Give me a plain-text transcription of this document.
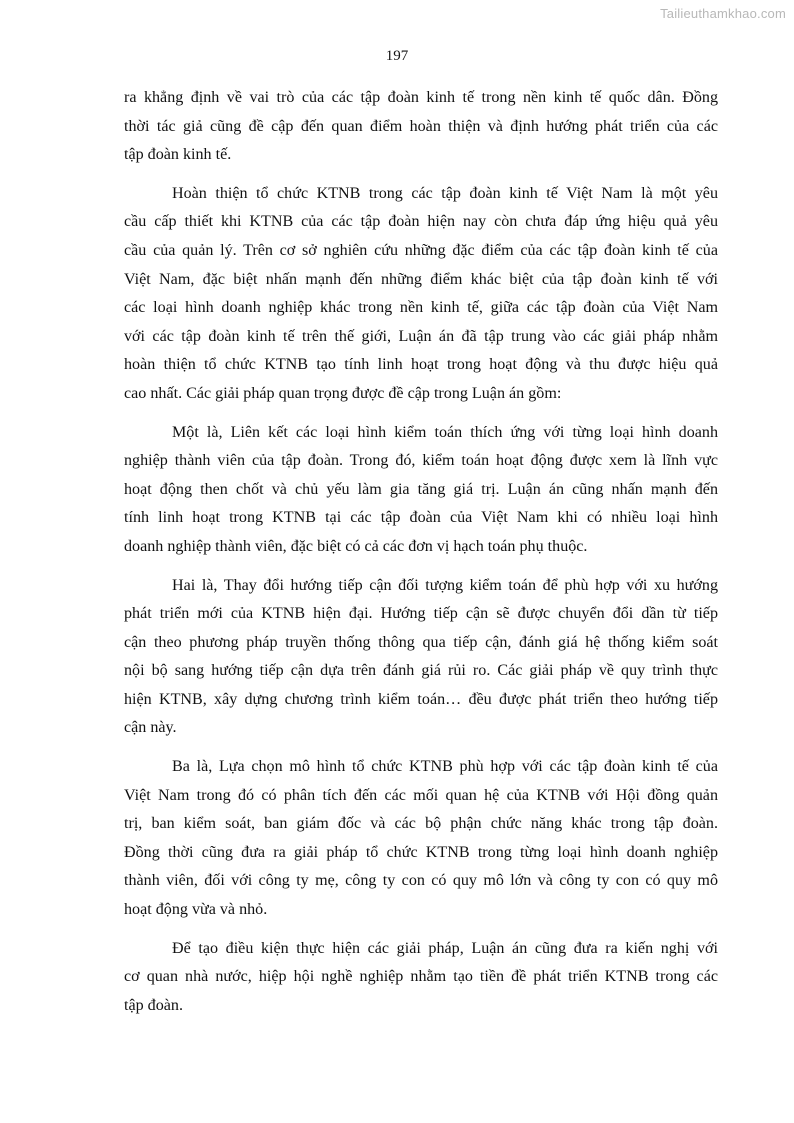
Tailieuthamkhao.com
197
ra khẳng định về vai trò của các tập đoàn kinh tế trong nền kinh tế quốc dân. Đồng
thời tác giả cũng đề cập đến quan điểm hoàn thiện và định hướng phát triển của các
tập đoàn kinh tế.
Hoàn thiện tổ chức KTNB trong các tập đoàn kinh tế Việt Nam là một yêu
cầu cấp thiết khi KTNB của các tập đoàn hiện nay còn chưa đáp ứng hiệu quả yêu
cầu của quản lý. Trên cơ sở nghiên cứu những đặc điểm của các tập đoàn kinh tế của
Việt Nam, đặc biệt nhấn mạnh đến những điểm khác biệt của tập đoàn kinh tế với
các loại hình doanh nghiệp khác trong nền kinh tế, giữa các tập đoàn của Việt Nam
với các tập đoàn kinh tế trên thế giới, Luận án đã tập trung vào các giải pháp nhằm
hoàn thiện tổ chức KTNB tạo tính linh hoạt trong hoạt động và thu được hiệu quả
cao nhất. Các giải pháp quan trọng được đề cập trong Luận án gồm:
Một là, Liên kết các loại hình kiểm toán thích ứng với từng loại hình doanh
nghiệp thành viên của tập đoàn. Trong đó, kiểm toán hoạt động được xem là lĩnh vực
hoạt động then chốt và chủ yếu làm gia tăng giá trị. Luận án cũng nhấn mạnh đến
tính linh hoạt trong KTNB tại các tập đoàn của Việt Nam khi có nhiều loại hình
doanh nghiệp thành viên, đặc biệt có cả các đơn vị hạch toán phụ thuộc.
Hai là, Thay đổi hướng tiếp cận đối tượng kiểm toán để phù hợp với xu hướng
phát triển mới của KTNB hiện đại. Hướng tiếp cận sẽ được chuyển đổi dần từ tiếp
cận theo phương pháp truyền thống thông qua tiếp cận, đánh giá hệ thống kiểm soát
nội bộ sang hướng tiếp cận dựa trên đánh giá rủi ro. Các giải pháp về quy trình thực
hiện KTNB, xây dựng chương trình kiểm toán… đều được phát triển theo hướng tiếp
cận này.
Ba là, Lựa chọn mô hình tổ chức KTNB phù hợp với các tập đoàn kinh tế của
Việt Nam trong đó có phân tích đến các mối quan hệ của KTNB với Hội đồng quản
trị, ban kiểm soát, ban giám đốc và các bộ phận chức năng khác trong tập đoàn.
Đồng thời cũng đưa ra giải pháp tổ chức KTNB trong từng loại hình doanh nghiệp
thành viên, đối với công ty mẹ, công ty con có quy mô lớn và công ty con có quy mô
hoạt động vừa và nhỏ.
Để tạo điều kiện thực hiện các giải pháp, Luận án cũng đưa ra kiến nghị với
cơ quan nhà nước, hiệp hội nghề nghiệp nhằm tạo tiền đề phát triển KTNB trong các
tập đoàn.
